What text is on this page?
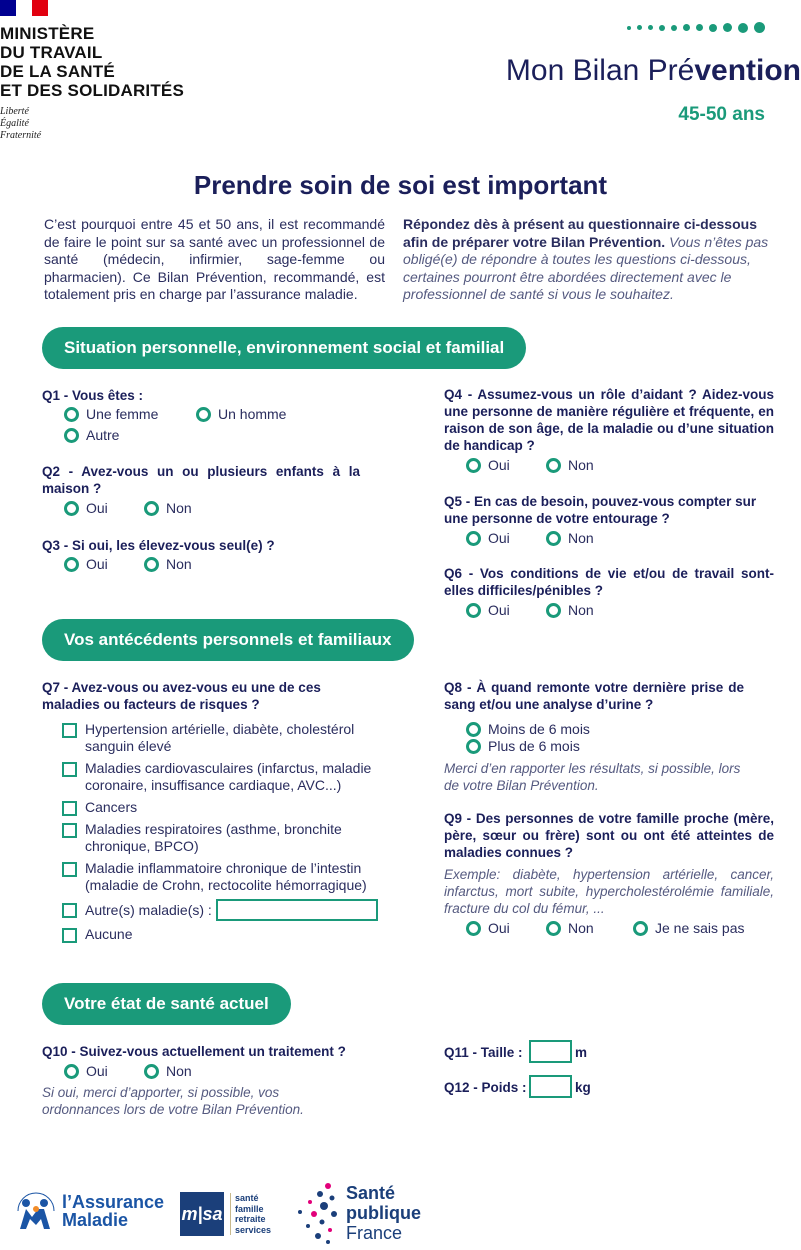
MINISTÈRE
DU TRAVAIL
DE LA SANTÉ
ET DES SOLIDARITÉS
Liberté
Égalité
Fraternité
Mon Bilan Prévention
45-50 ans
Prendre soin de soi est important
C’est pourquoi entre 45 et 50 ans, il est recommandé de faire le point sur sa santé avec un professionnel de santé (médecin, infirmier, sage-femme ou pharmacien). Ce Bilan Prévention, recommandé, est totalement pris en charge par l’assurance maladie.
Répondez dès à présent au questionnaire ci-dessous afin de préparer votre Bilan Prévention. Vous n’êtes pas obligé(e) de répondre à toutes les questions ci-dessous, certaines pourront être abordées directement avec le professionnel de santé si vous le souhaitez.
Situation personnelle, environnement social et familial
Q1 - Vous êtes :
Une femme	Un homme
Autre
Q2 - Avez-vous un ou plusieurs enfants à la maison ?
Oui	Non
Q3 - Si oui, les élevez-vous seul(e) ?
Oui	Non
Q4 - Assumez-vous un rôle d’aidant ? Aidez-vous une personne de manière régulière et fréquente, en raison de son âge, de la maladie ou d’une situation de handicap ?
Oui	Non
Q5 - En cas de besoin, pouvez-vous compter sur une personne de votre entourage ?
Oui	Non
Q6 - Vos conditions de vie et/ou de travail sont-elles difficiles/pénibles ?
Oui	Non
Vos antécédents personnels et familiaux
Q7 - Avez-vous ou avez-vous eu une de ces maladies ou facteurs de risques ?
Hypertension artérielle, diabète, cholestérol sanguin élevé
Maladies cardiovasculaires (infarctus, maladie coronaire, insuffisance cardiaque, AVC...)
Cancers
Maladies respiratoires (asthme, bronchite chronique, BPCO)
Maladie inflammatoire chronique de l’intestin (maladie de Crohn, rectocolite hémorragique)
Autre(s) maladie(s) :
Aucune
Q8 - À quand remonte votre dernière prise de sang et/ou une analyse d’urine ?
Moins de 6 mois
Plus de 6 mois
Merci d’en rapporter les résultats, si possible, lors de votre Bilan Prévention.
Q9 - Des personnes de votre famille proche (mère, père, sœur ou frère) sont ou ont été atteintes de maladies connues ?
Exemple: diabète, hypertension artérielle, cancer, infarctus, mort subite, hypercholestérolémie familiale, fracture du col du fémur, ...
Oui	Non	Je ne sais pas
Votre état de santé actuel
Q10 - Suivez-vous actuellement un traitement ?
Oui	Non
Si oui, merci d’apporter, si possible, vos ordonnances lors de votre Bilan Prévention.
Q11 - Taille :	m
Q12 - Poids :	kg
l’Assurance
Maladie	m|sa
santé
famille
retraite
services
Santé
publique
France
